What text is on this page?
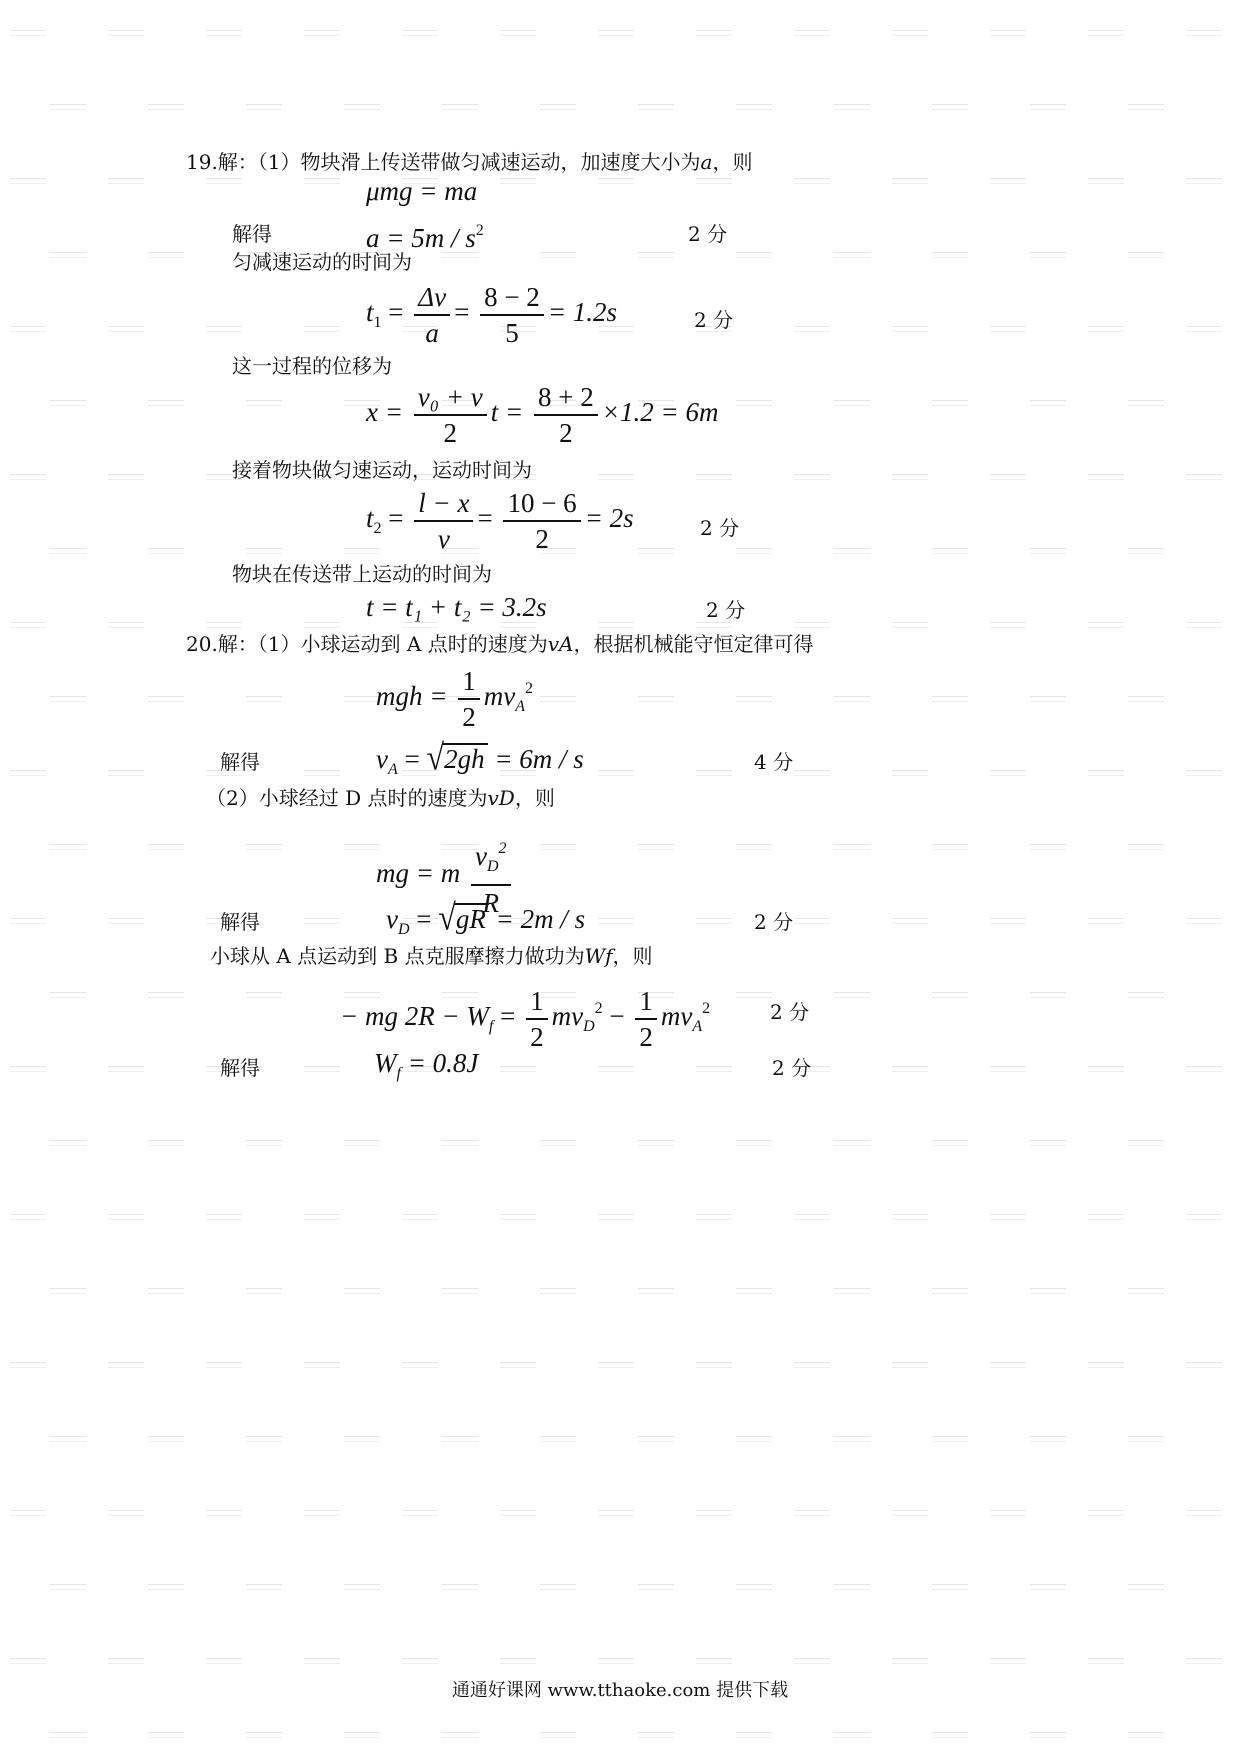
19.解：（1）物块滑上传送带做匀减速运动，加速度大小为a，则
μmg = ma
解得	$a = 5m / s^2$	2 分
匀减速运动的时间为
$t_1 = \frac{\Delta v}{a} = \frac{8 - 2}{5} = 1.2s$	2 分
这一过程的位移为
$x = \frac{\text{v₀ + v}}{2}$ $t = \frac{8 + 2}{2} \times 1.2 = 6m$
接着物块做匀速运动，运动时间为
$t_2 = \frac{l - x}{v} = \frac{10 - 6}{2} = 2s$	2 分
物块在传送带上运动的时间为
t = t₁ + t₂ = 3.2s	2 分
20.解：（1）小球运动到 A 点时的速度为vA，根据机械能守恒定律可得
mgh = $\frac{1}{2} mv_A^2$
解得	$v_A = √2gh = 6m / s$	4 分
（2）小球经过 D 点时的速度为vD，则
mg = m $\frac{v_D^2}{R}$
解得	$v_D = √gR = 2m / s$	2 分
小球从 A 点运动到 B 点克服摩擦力做功为Wf，则
− mg $2R - W_f = \frac{1}{2} mv_D^2 - \frac{1}{2} mv_A^2$	2 分
解得	$W_f = 0.8J$	2 分
通通好课网 www.tthaoke.com 提供下载
